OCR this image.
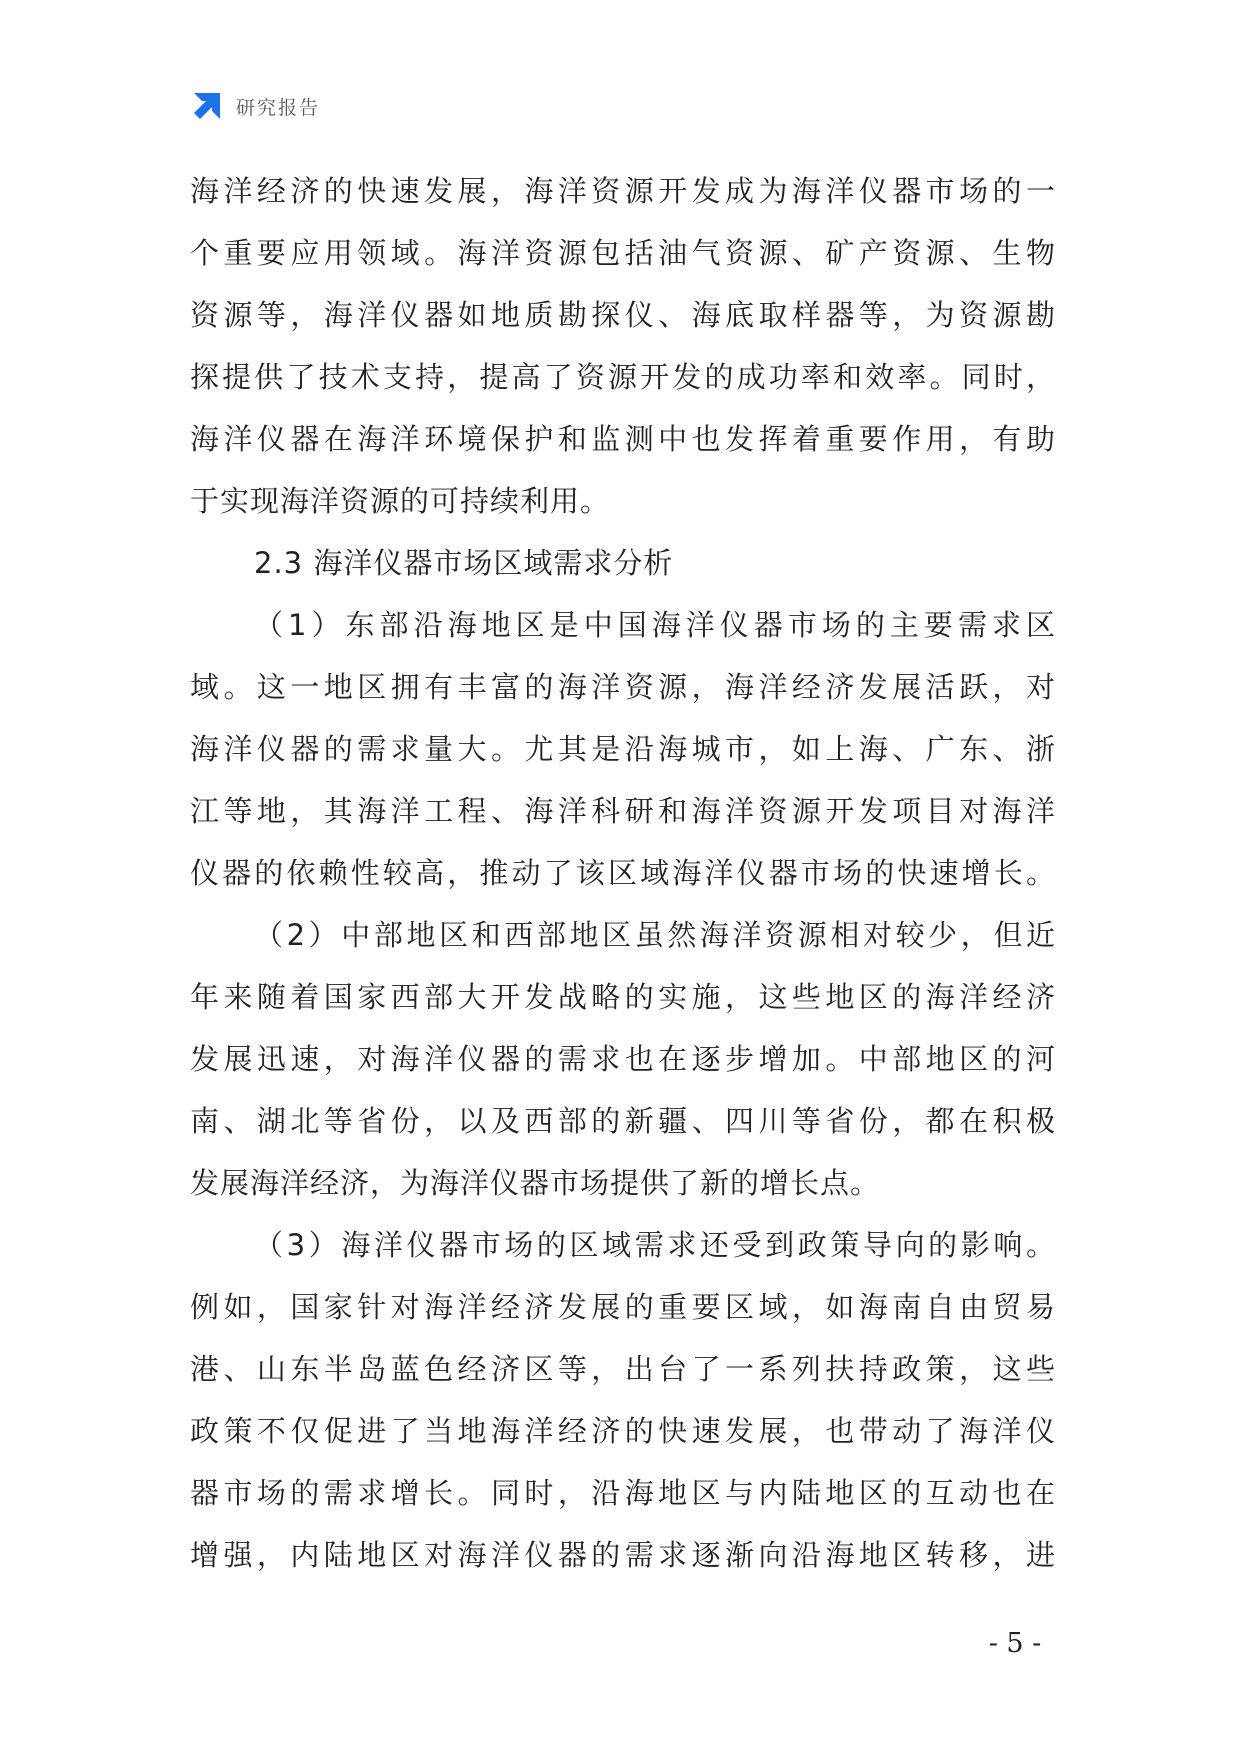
研究报告
海洋经济的快速发展，海洋资源开发成为海洋仪器市场的一
个重要应用领域。海洋资源包括油气资源、矿产资源、生物
资源等，海洋仪器如地质勘探仪、海底取样器等，为资源勘
探提供了技术支持，提高了资源开发的成功率和效率。同时，
海洋仪器在海洋环境保护和监测中也发挥着重要作用，有助
于实现海洋资源的可持续利用。
2.3 海洋仪器市场区域需求分析
（1）东部沿海地区是中国海洋仪器市场的主要需求区
域。这一地区拥有丰富的海洋资源，海洋经济发展活跃，对
海洋仪器的需求量大。尤其是沿海城市，如上海、广东、浙
江等地，其海洋工程、海洋科研和海洋资源开发项目对海洋
仪器的依赖性较高，推动了该区域海洋仪器市场的快速增长。
（2）中部地区和西部地区虽然海洋资源相对较少，但近
年来随着国家西部大开发战略的实施，这些地区的海洋经济
发展迅速，对海洋仪器的需求也在逐步增加。中部地区的河
南、湖北等省份，以及西部的新疆、四川等省份，都在积极
发展海洋经济，为海洋仪器市场提供了新的增长点。
（3）海洋仪器市场的区域需求还受到政策导向的影响。
例如，国家针对海洋经济发展的重要区域，如海南自由贸易
港、山东半岛蓝色经济区等，出台了一系列扶持政策，这些
政策不仅促进了当地海洋经济的快速发展，也带动了海洋仪
器市场的需求增长。同时，沿海地区与内陆地区的互动也在
增强，内陆地区对海洋仪器的需求逐渐向沿海地区转移，进
- 5 -
